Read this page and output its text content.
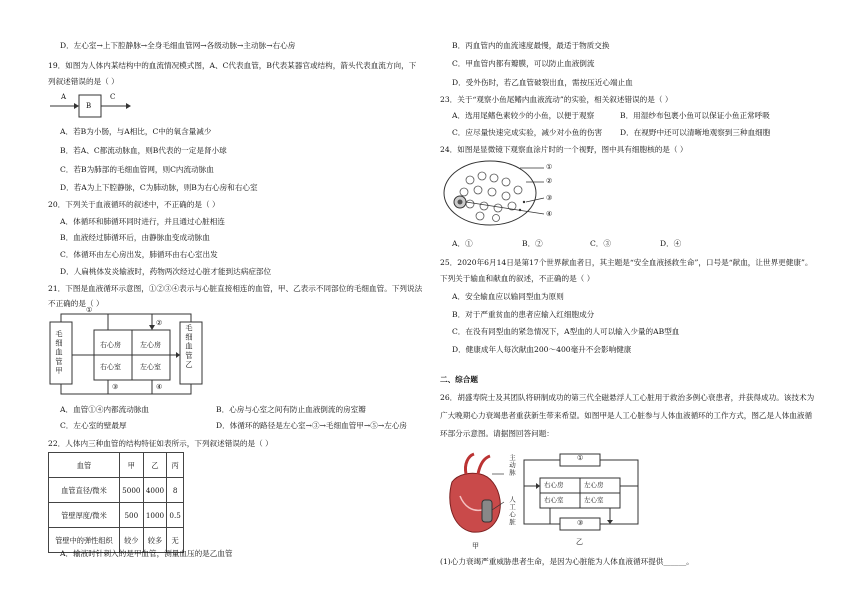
D．左心室→上下腔静脉→全身毛细血管网→各级动脉→主动脉→右心房
19．如图为人体内某结构中的血流情况模式图，A、C代表血管，B代表某器官或结构，箭头代表血流方向，下
列叙述错误的是（ ）
A
B
C
A．若B为小肠，与A相比，C中的氧含量减少
B．若A、C都流动脉血，则B代表的一定是肾小球
C．若B为肺部的毛细血管网，则C内流动脉血
D．若A为上下腔静脉，C为肺动脉，则B为右心房和右心室
20．下列关于血液循环的叙述中，不正确的是（ ）
A．体循环和肺循环同时进行，并且通过心脏相连
B．血液经过肺循环后，由静脉血变成动脉血
C．体循环由左心房出发，肺循环由右心室出发
D．人扁桃体发炎输液时，药物两次经过心脏才能到达病症部位
21．下图是血液循环示意图，①②③④表示与心脏直接相连的血管，甲、乙表示不同部位的毛细血管。下列说法
不正确的是（ ）
毛细血管甲	毛细血管乙
右心房	左心房
右心室	左心室
①
②
③	④
A．血管①④内都流动脉血	B．心房与心室之间有防止血液倒流的房室瓣
C．左心室的壁最厚	D．体循环的路径是左心室→③→毛细血管甲→⑤→左心房
22．人体内三种血管的结构特征如表所示，下列叙述错误的是（ ）
血管	甲	乙	丙
血管直径/微米	5000	4000	8
管壁厚度/微米	500	1000	0.5
管壁中的弹性组织	较少	较多	无
A．输液时针刺入的是甲血管，测量血压的是乙血管
B．丙血管内的血流速度最慢，最适于物质交换
C．甲血管内都有瓣膜，可以防止血液倒流
D．受外伤时，若乙血管破裂出血，需按压近心端止血
23．关于“观察小鱼尾鳍内血液流动”的实验，相关叙述错误的是（ ）
A．选用尾鳍色素较少的小鱼，以便于观察	B．用湿纱布包裹小鱼可以保证小鱼正常呼吸
C．应尽量快速完成实验，减少对小鱼的伤害 D．在视野中还可以清晰地观察到三种血细胞
24．如图是显微镜下观察血涂片时的一个视野，图中具有细胞核的是（ ）
①
②
③
④
A．①	B．②	C．③	D．④
25．2020年6月14日是第17个世界献血者日，其主题是“安全血液拯救生命”，口号是“献血，让世界更健康”。
下列关于输血和献血的叙述，不正确的是（ ）
A．安全输血应以输同型血为原则
B．对于严重贫血的患者应输入红细胞成分
C．在没有同型血的紧急情况下，A型血的人可以输入少量的AB型血
D．健康成年人每次献血200～400毫升不会影响健康
二、综合题
26．胡盛寿院士及其团队将研制成功的第三代全磁悬浮人工心脏用于救治多例心衰患者，并获得成功。该技术为
广大晚期心力衰竭患者重获新生带来希望。如图甲是人工心脏参与人体血液循环的工作方式，图乙是人体血液循
环部分示意图。请据图回答问题：
主动脉
人工心脏
甲
①
③
右心房	左心房
右心室	左心室
乙
(1)心力衰竭严重威胁患者生命，是因为心脏能为人体血液循环提供______。
